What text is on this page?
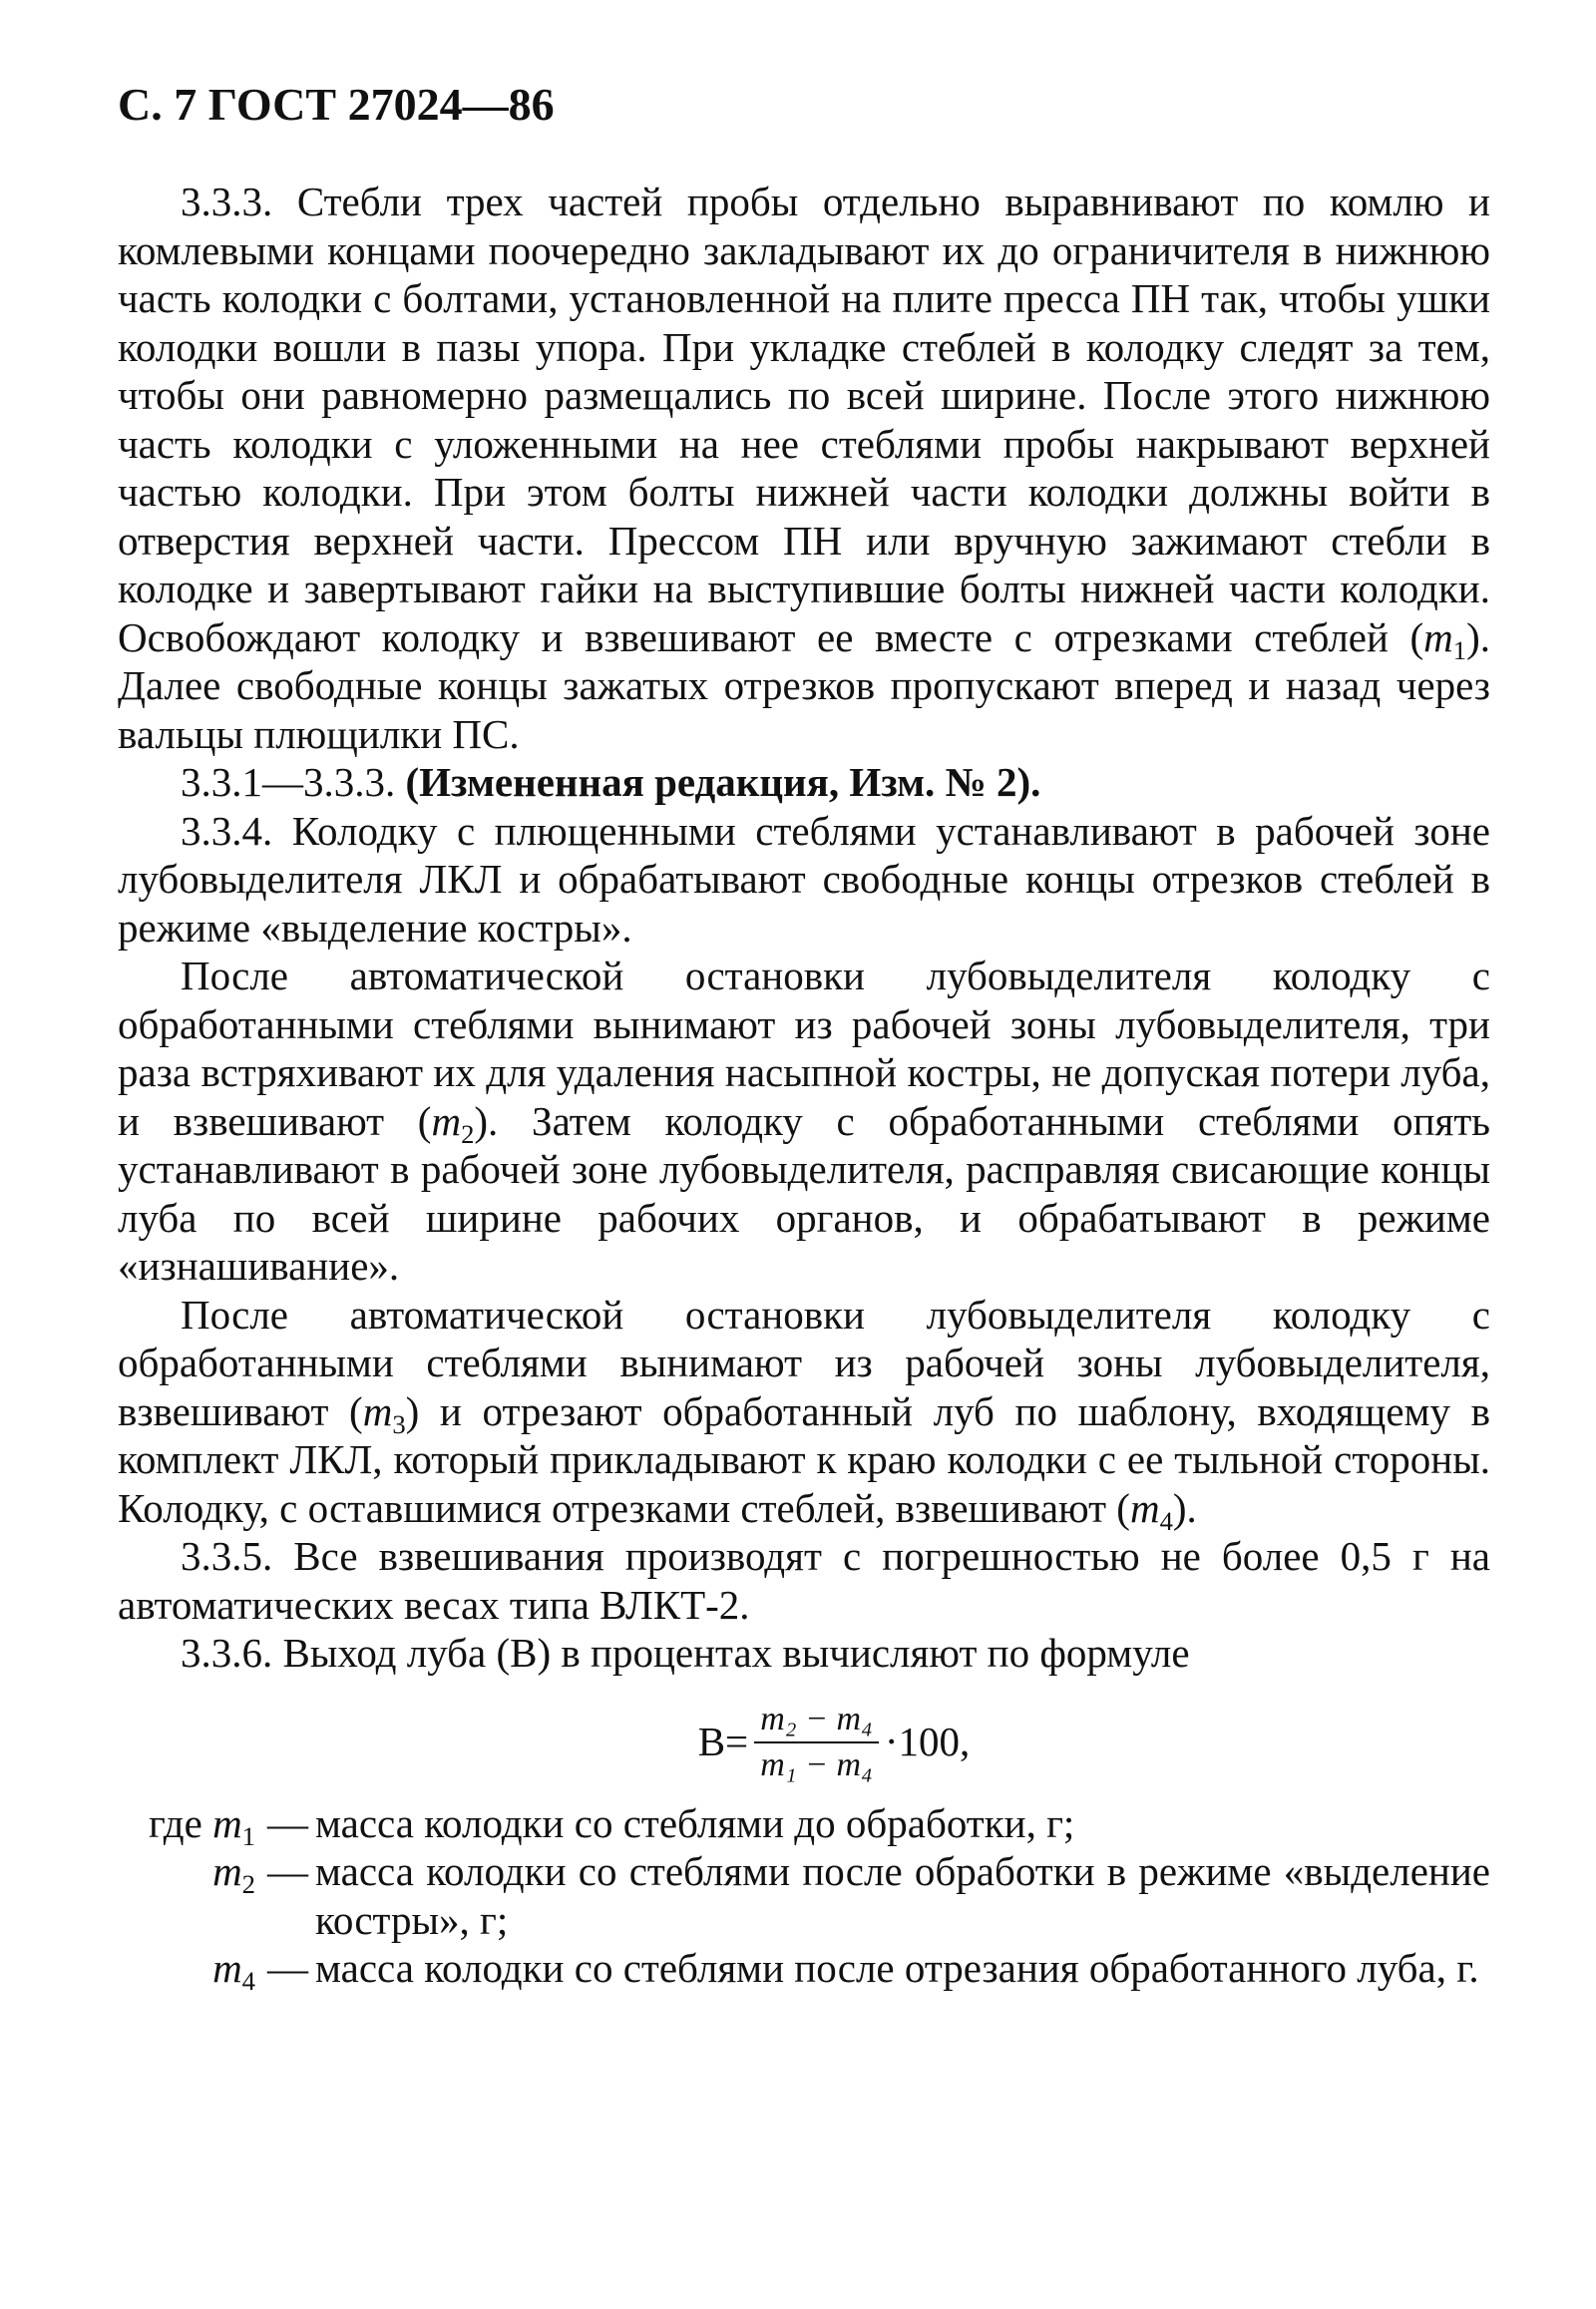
С. 7 ГОСТ 27024—86

3.3.3. Стебли трех частей пробы отдельно выравнивают по комлю и комлевыми концами поочередно закладывают их до ограничителя в нижнюю часть колодки с болтами, установленной на плите пресса ПН так, чтобы ушки колодки вошли в пазы упора. При укладке стеблей в колодку следят за тем, чтобы они равномерно размещались по всей ширине. После этого нижнюю часть колодки с уложенными на нее стеблями пробы накрывают верхней частью колодки. При этом болты нижней части колодки должны войти в отверстия верхней части. Прессом ПН или вручную зажимают стебли в колодке и завертывают гайки на выступившие болты нижней части колодки. Освобождают колодку и взвешивают ее вместе с отрезками стеблей $(m_1)$. Далее свободные концы зажатых отрезков пропускают вперед и назад через вальцы плющилки ПС.

3.3.1—3.3.3. (Измененная редакция, Изм. № 2).

3.3.4. Колодку с плющенными стеблями устанавливают в рабочей зоне лубовыделителя ЛКЛ и обрабатывают свободные концы отрезков стеблей в режиме «выделение костры».

После автоматической остановки лубовыделителя колодку с обработанными стеблями вынимают из рабочей зоны лубовыделителя, три раза встряхивают их для удаления насыпной костры, не допуская потери луба, и взвешивают $(m_2)$. Затем колодку с обработанными стеблями опять устанавливают в рабочей зоне лубовыделителя, расправляя свисающие концы луба по всей ширине рабочих органов, и обрабатывают в режиме «изнашивание».

После автоматической остановки лубовыделителя колодку с обработанными стеблями вынимают из рабочей зоны лубовыделителя, взвешивают $(m_3)$ и отрезают обработанный луб по шаблону, входящему в комплект ЛКЛ, который прикладывают к краю колодки с ее тыльной стороны. Колодку, с оставшимися отрезками стеблей, взвешивают $(m_4)$.

3.3.5. Все взвешивания производят с погрешностью не более 0,5 г на автоматических весах типа ВЛКТ-2.

3.3.6. Выход луба (В) в процентах вычисляют по формуле

$В= \frac{\text{m₂ − m₄}}{\text{m₁ − m₄}} \cdot 100$,
где $m_1$ — масса колодки со стеблями до обработки, г;
$m_2$ — масса колодки со стеблями после обработки в режиме «выделение костры», г;
$m_4$ — масса колодки со стеблями после отрезания обработанного луба, г.
